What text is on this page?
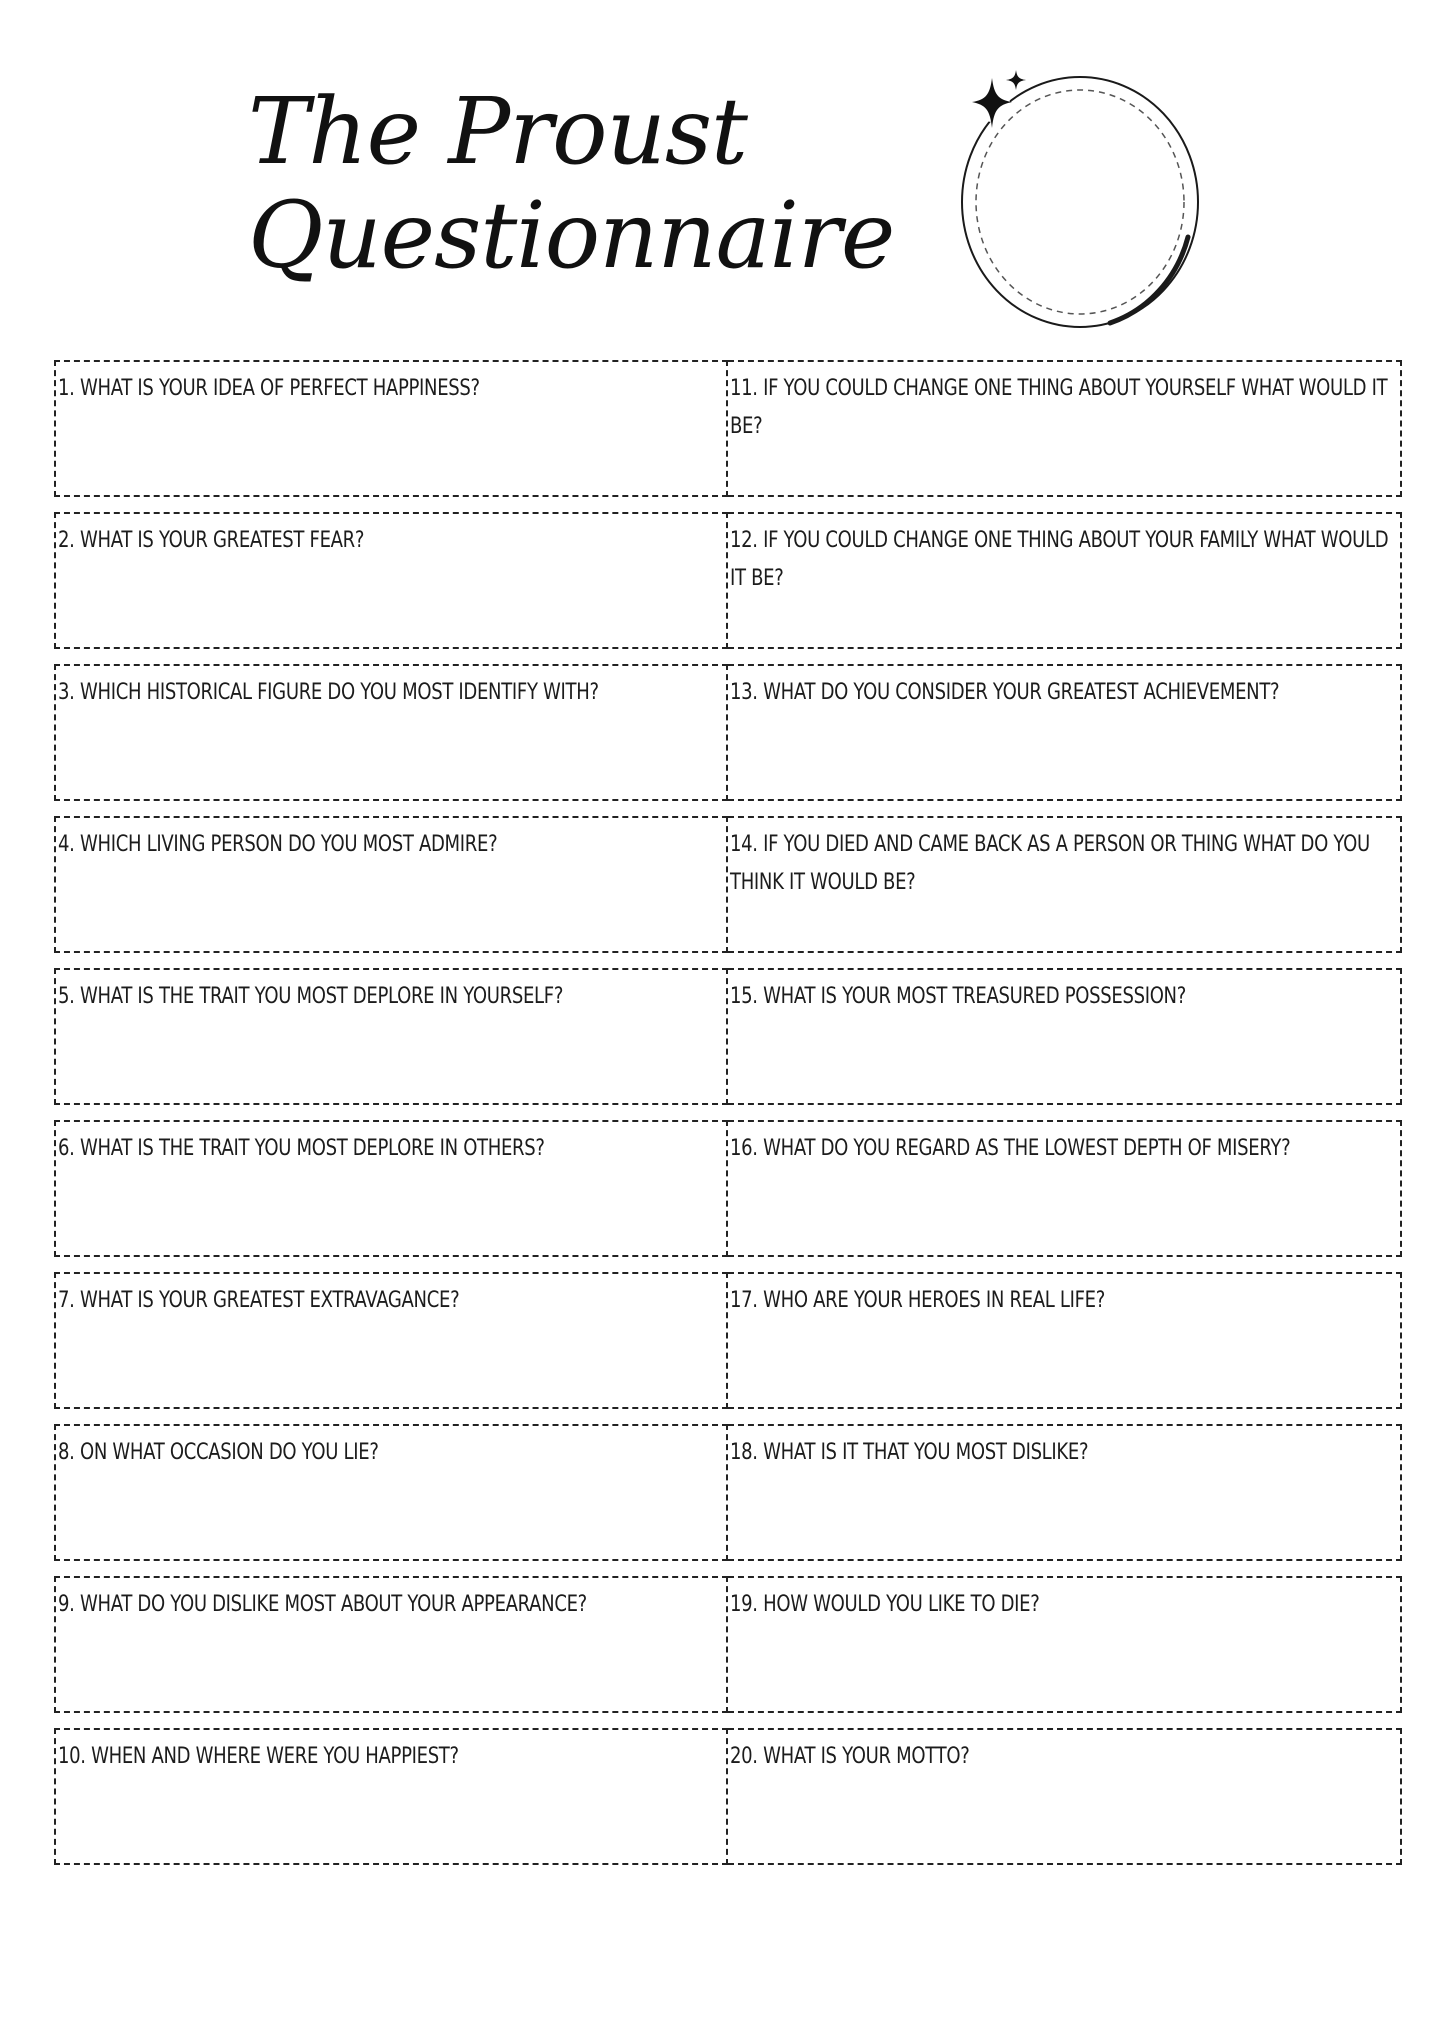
The Proust
Questionnaire
1. WHAT IS YOUR IDEA OF PERFECT HAPPINESS?	11. IF YOU COULD CHANGE ONE THING ABOUT YOURSELF WHAT WOULD IT BE?
2. WHAT IS YOUR GREATEST FEAR?	12. IF YOU COULD CHANGE ONE THING ABOUT YOUR FAMILY WHAT WOULD IT BE?
3. WHICH HISTORICAL FIGURE DO YOU MOST IDENTIFY WITH?	13. WHAT DO YOU CONSIDER YOUR GREATEST ACHIEVEMENT?
4. WHICH LIVING PERSON DO YOU MOST ADMIRE?	14. IF YOU DIED AND CAME BACK AS A PERSON OR THING WHAT DO YOU THINK IT WOULD BE?
5. WHAT IS THE TRAIT YOU MOST DEPLORE IN YOURSELF?	15. WHAT IS YOUR MOST TREASURED POSSESSION?
6. WHAT IS THE TRAIT YOU MOST DEPLORE IN OTHERS?	16. WHAT DO YOU REGARD AS THE LOWEST DEPTH OF MISERY?
7. WHAT IS YOUR GREATEST EXTRAVAGANCE?	17. WHO ARE YOUR HEROES IN REAL LIFE?
8. ON WHAT OCCASION DO YOU LIE?	18. WHAT IS IT THAT YOU MOST DISLIKE?
9. WHAT DO YOU DISLIKE MOST ABOUT YOUR APPEARANCE?	19. HOW WOULD YOU LIKE TO DIE?
10. WHEN AND WHERE WERE YOU HAPPIEST?	20. WHAT IS YOUR MOTTO?
